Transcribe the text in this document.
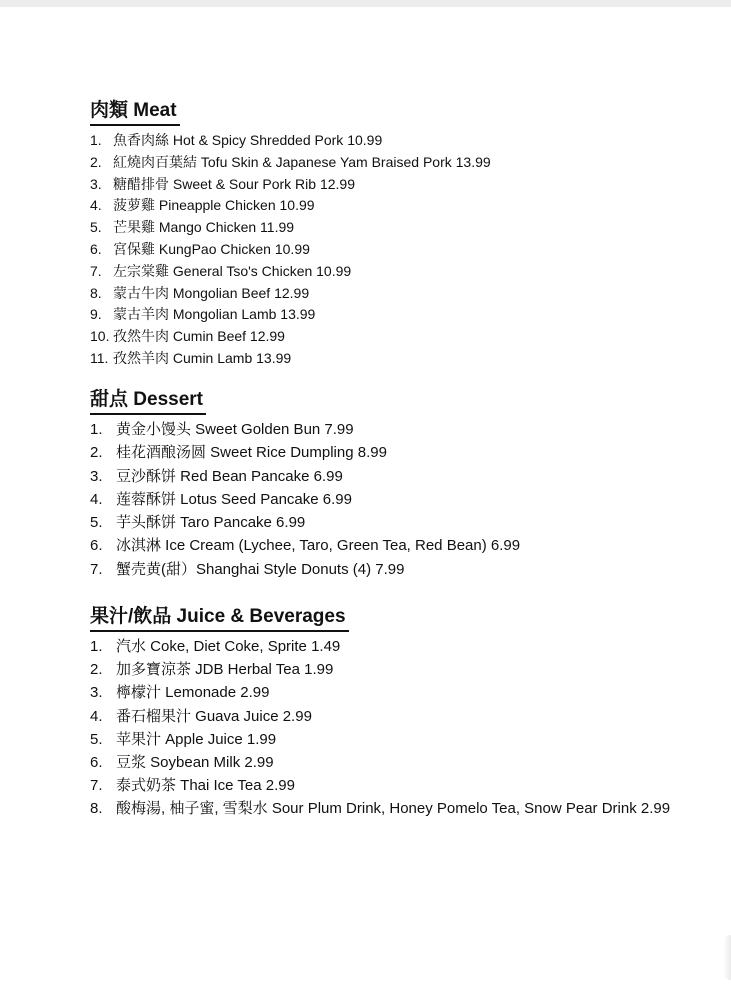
肉類 Meat
1. 魚香肉絲 Hot & Spicy Shredded Pork 10.99
2. 紅燒肉百葉結 Tofu Skin & Japanese Yam Braised Pork 13.99
3. 糖醋排骨 Sweet & Sour Pork Rib 12.99
4. 菠萝雞 Pineapple Chicken 10.99
5. 芒果雞 Mango Chicken 11.99
6. 宮保雞 KungPao Chicken 10.99
7. 左宗棠雞 General Tso's Chicken 10.99
8. 蒙古牛肉 Mongolian Beef 12.99
9. 蒙古羊肉 Mongolian Lamb 13.99
10. 孜然牛肉 Cumin Beef 12.99
11. 孜然羊肉 Cumin Lamb 13.99
甜点 Dessert
1. 黄金小馒头 Sweet Golden Bun 7.99
2. 桂花酒酿汤圆 Sweet Rice Dumpling 8.99
3. 豆沙酥饼 Red Bean Pancake 6.99
4. 莲蓉酥饼 Lotus Seed Pancake 6.99
5. 芋头酥饼 Taro Pancake 6.99
6. 冰淇淋 Ice Cream (Lychee, Taro, Green Tea, Red Bean) 6.99
7. 蟹壳黄(甜）Shanghai Style Donuts (4) 7.99
果汁/飲品 Juice & Beverages
1. 汽水 Coke, Diet Coke, Sprite 1.49
2. 加多寶涼茶 JDB Herbal Tea 1.99
3. 檸檬汁 Lemonade 2.99
4. 番石榴果汁 Guava Juice 2.99
5. 苹果汁 Apple Juice 1.99
6. 豆浆 Soybean Milk 2.99
7. 泰式奶茶 Thai Ice Tea 2.99
8. 酸梅湯, 柚子蜜, 雪梨水 Sour Plum Drink, Honey Pomelo Tea, Snow Pear Drink 2.99
